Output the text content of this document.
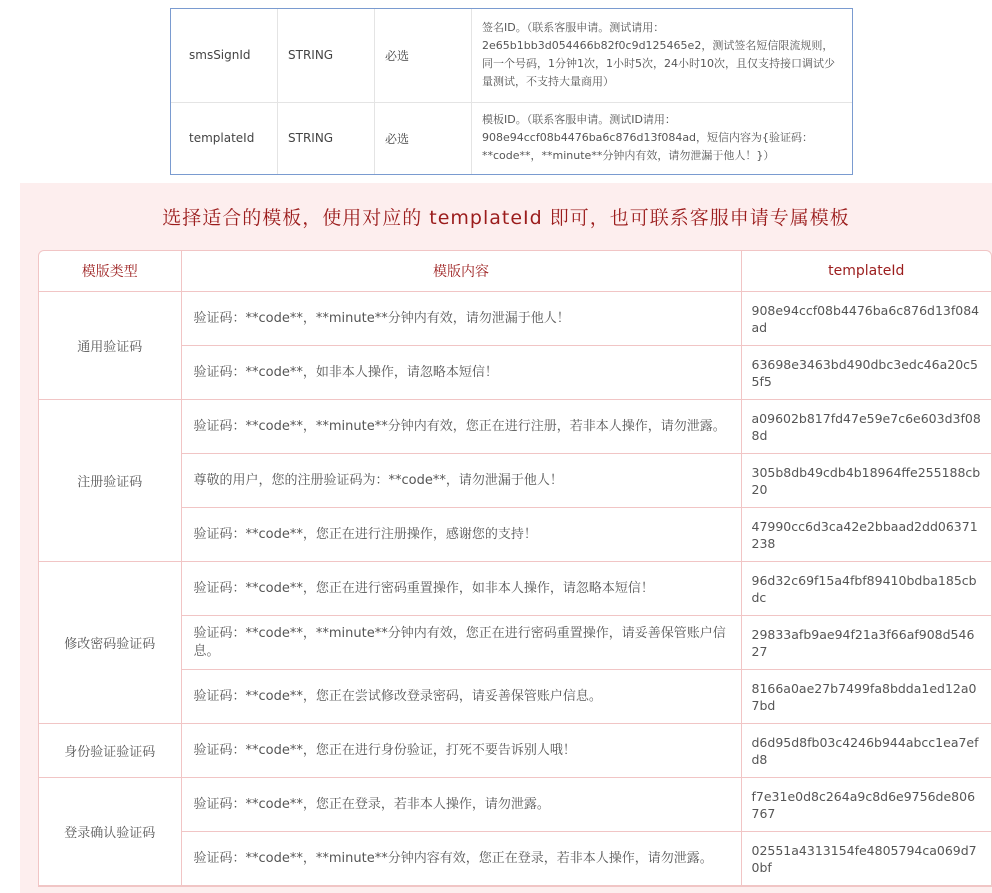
smsSignId	STRING	必选	签名ID。（联系客服申请。测试请用：2e65b1bb3d054466b82f0c9d125465e2，测试签名短信限流规则，同一个号码，1分钟1次，1小时5次，24小时10次，且仅支持接口调试少量测试，不支持大量商用）
templateId	STRING	必选	模板ID。（联系客服申请。测试ID请用：908e94ccf08b4476ba6c876d13f084ad，短信内容为{验证码：**code**，**minute**分钟内有效，请勿泄漏于他人！}）
选择适合的模板，使用对应的 templateId 即可，也可联系客服申请专属模板
模版类型	模版内容	templateId
通用验证码	验证码：**code**，**minute**分钟内有效，请勿泄漏于他人！	908e94ccf08b4476ba6c876d13f084ad
	验证码：**code**，如非本人操作，请忽略本短信！	63698e3463bd490dbc3edc46a20c55f5
注册验证码	验证码：**code**，**minute**分钟内有效，您正在进行注册，若非本人操作，请勿泄露。	a09602b817fd47e59e7c6e603d3f088d
	尊敬的用户，您的注册验证码为：**code**，请勿泄漏于他人！	305b8db49cdb4b18964ffe255188cb20
	验证码：**code**，您正在进行注册操作，感谢您的支持！	47990cc6d3ca42e2bbaad2dd06371238
修改密码验证码	验证码：**code**，您正在进行密码重置操作，如非本人操作，请忽略本短信！	96d32c69f15a4fbf89410bdba185cbdc
	验证码：**code**，**minute**分钟内有效，您正在进行密码重置操作，请妥善保管账户信息。	29833afb9ae94f21a3f66af908d54627
	验证码：**code**，您正在尝试修改登录密码，请妥善保管账户信息。	8166a0ae27b7499fa8bdda1ed12a07bd
身份验证验证码	验证码：**code**，您正在进行身份验证，打死不要告诉别人哦！	d6d95d8fb03c4246b944abcc1ea7efd8
登录确认验证码	验证码：**code**，您正在登录，若非本人操作，请勿泄露。	f7e31e0d8c264a9c8d6e9756de806767
	验证码：**code**，**minute**分钟内容有效，您正在登录，若非本人操作，请勿泄露。	02551a4313154fe4805794ca069d70bf
